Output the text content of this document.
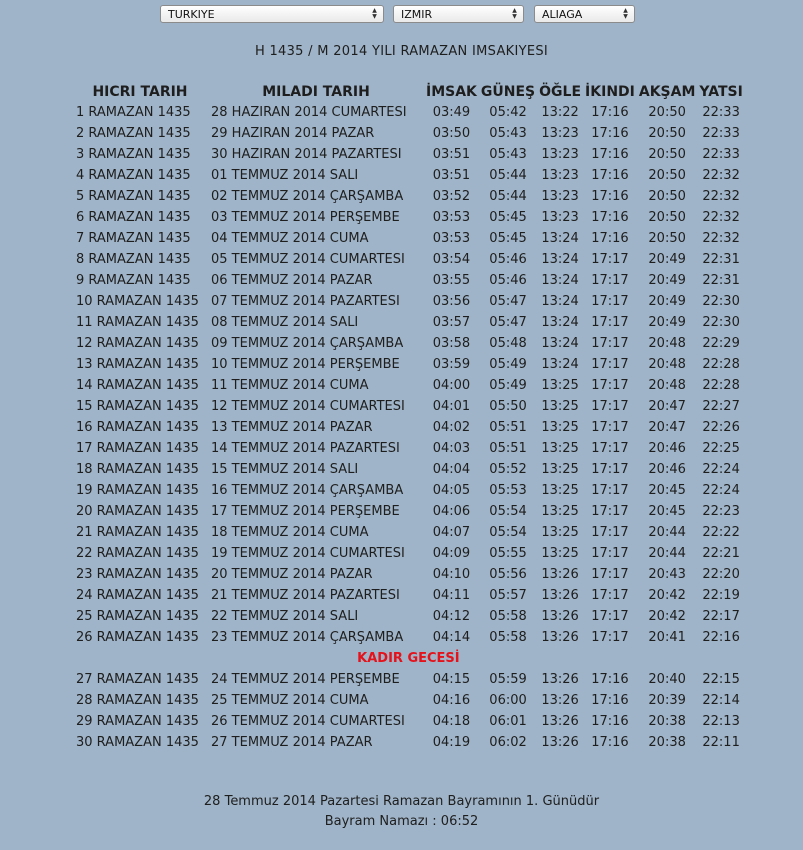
TURKIYE	▲
▼	IZMIR	▲
▼	ALIAGA	▲
▼
H 1435 / M 2014 YILI RAMAZAN IMSAKIYESI
HICRI TARIH	MILADI TARIH	İMSAK	GÜNEŞ	ÖĞLE	İKINDI	AKŞAM	YATSI
1 RAMAZAN 1435	28 HAZIRAN 2014 CUMARTESI	03:49	05:42	13:22	17:16	20:50	22:33
2 RAMAZAN 1435	29 HAZIRAN 2014 PAZAR	03:50	05:43	13:23	17:16	20:50	22:33
3 RAMAZAN 1435	30 HAZIRAN 2014 PAZARTESI	03:51	05:43	13:23	17:16	20:50	22:33
4 RAMAZAN 1435	01 TEMMUZ 2014 SALI	03:51	05:44	13:23	17:16	20:50	22:32
5 RAMAZAN 1435	02 TEMMUZ 2014 ÇARŞAMBA	03:52	05:44	13:23	17:16	20:50	22:32
6 RAMAZAN 1435	03 TEMMUZ 2014 PERŞEMBE	03:53	05:45	13:23	17:16	20:50	22:32
7 RAMAZAN 1435	04 TEMMUZ 2014 CUMA	03:53	05:45	13:24	17:16	20:50	22:32
8 RAMAZAN 1435	05 TEMMUZ 2014 CUMARTESI	03:54	05:46	13:24	17:17	20:49	22:31
9 RAMAZAN 1435	06 TEMMUZ 2014 PAZAR	03:55	05:46	13:24	17:17	20:49	22:31
10 RAMAZAN 1435	07 TEMMUZ 2014 PAZARTESI	03:56	05:47	13:24	17:17	20:49	22:30
11 RAMAZAN 1435	08 TEMMUZ 2014 SALI	03:57	05:47	13:24	17:17	20:49	22:30
12 RAMAZAN 1435	09 TEMMUZ 2014 ÇARŞAMBA	03:58	05:48	13:24	17:17	20:48	22:29
13 RAMAZAN 1435	10 TEMMUZ 2014 PERŞEMBE	03:59	05:49	13:24	17:17	20:48	22:28
14 RAMAZAN 1435	11 TEMMUZ 2014 CUMA	04:00	05:49	13:25	17:17	20:48	22:28
15 RAMAZAN 1435	12 TEMMUZ 2014 CUMARTESI	04:01	05:50	13:25	17:17	20:47	22:27
16 RAMAZAN 1435	13 TEMMUZ 2014 PAZAR	04:02	05:51	13:25	17:17	20:47	22:26
17 RAMAZAN 1435	14 TEMMUZ 2014 PAZARTESI	04:03	05:51	13:25	17:17	20:46	22:25
18 RAMAZAN 1435	15 TEMMUZ 2014 SALI	04:04	05:52	13:25	17:17	20:46	22:24
19 RAMAZAN 1435	16 TEMMUZ 2014 ÇARŞAMBA	04:05	05:53	13:25	17:17	20:45	22:24
20 RAMAZAN 1435	17 TEMMUZ 2014 PERŞEMBE	04:06	05:54	13:25	17:17	20:45	22:23
21 RAMAZAN 1435	18 TEMMUZ 2014 CUMA	04:07	05:54	13:25	17:17	20:44	22:22
22 RAMAZAN 1435	19 TEMMUZ 2014 CUMARTESI	04:09	05:55	13:25	17:17	20:44	22:21
23 RAMAZAN 1435	20 TEMMUZ 2014 PAZAR	04:10	05:56	13:26	17:17	20:43	22:20
24 RAMAZAN 1435	21 TEMMUZ 2014 PAZARTESI	04:11	05:57	13:26	17:17	20:42	22:19
25 RAMAZAN 1435	22 TEMMUZ 2014 SALI	04:12	05:58	13:26	17:17	20:42	22:17
26 RAMAZAN 1435	23 TEMMUZ 2014 ÇARŞAMBA	04:14	05:58	13:26	17:17	20:41	22:16
KADIR GECESİ							
27 RAMAZAN 1435	24 TEMMUZ 2014 PERŞEMBE	04:15	05:59	13:26	17:16	20:40	22:15
28 RAMAZAN 1435	25 TEMMUZ 2014 CUMA	04:16	06:00	13:26	17:16	20:39	22:14
29 RAMAZAN 1435	26 TEMMUZ 2014 CUMARTESI	04:18	06:01	13:26	17:16	20:38	22:13
30 RAMAZAN 1435	27 TEMMUZ 2014 PAZAR	04:19	06:02	13:26	17:16	20:38	22:11
28 Temmuz 2014 Pazartesi Ramazan Bayramının 1. Günüdür
Bayram Namazı : 06:52
